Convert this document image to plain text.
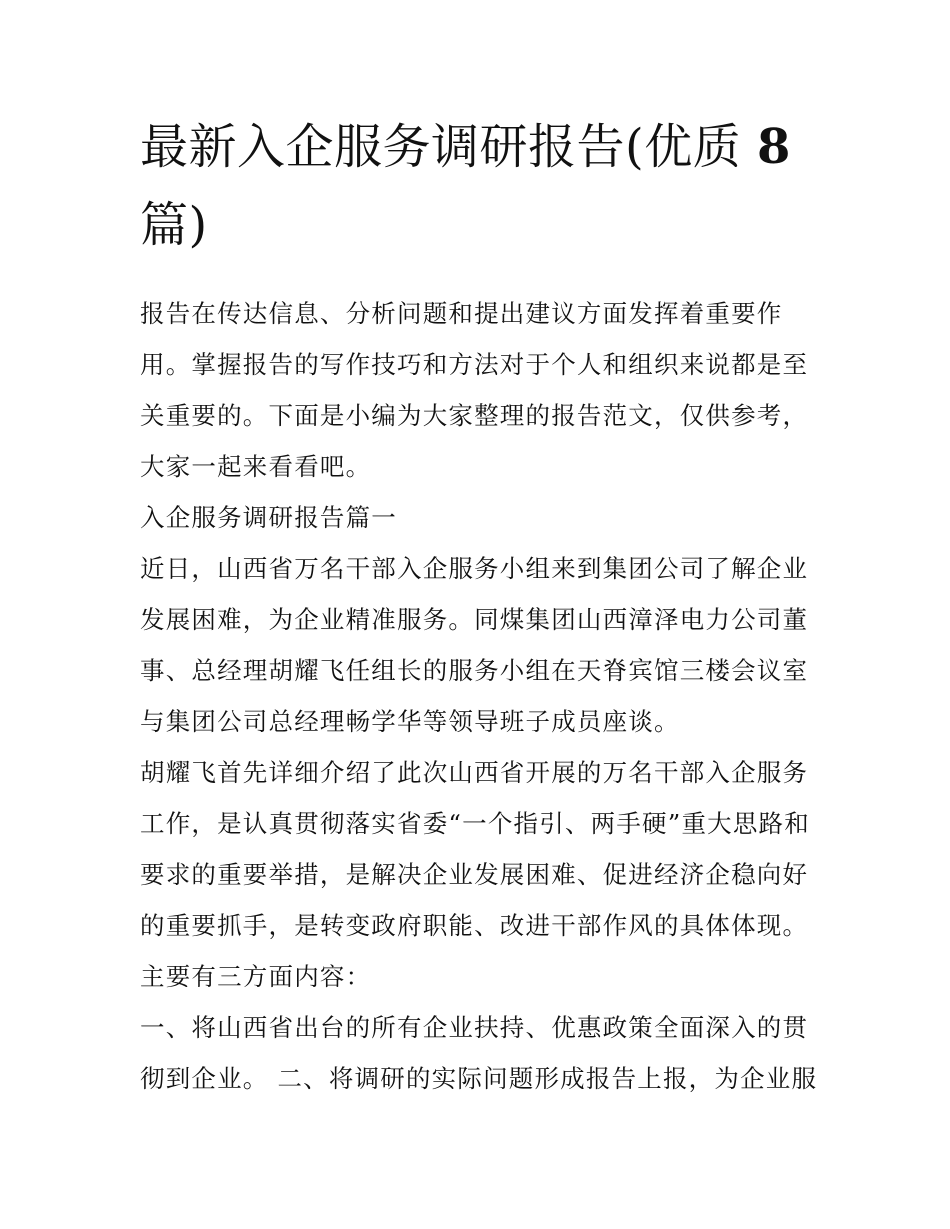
最新入企服务调研报告(优质 8篇)

报告在传达信息、分析问题和提出建议方面发挥着重要作用。掌握报告的写作技巧和方法对于个人和组织来说都是至关重要的。下面是小编为大家整理的报告范文，仅供参考，大家一起来看看吧。

入企服务调研报告篇一

近日，山西省万名干部入企服务小组来到集团公司了解企业发展困难，为企业精准服务。同煤集团山西漳泽电力公司董事、总经理胡耀飞任组长的服务小组在天脊宾馆三楼会议室与集团公司总经理畅学华等领导班子成员座谈。

胡耀飞首先详细介绍了此次山西省开展的万名干部入企服务工作，是认真贯彻落实省委“一个指引、两手硬”重大思路和要求的重要举措，是解决企业发展困难、促进经济企稳向好的重要抓手，是转变政府职能、改进干部作风的具体体现。主要有三方面内容：

一、将山西省出台的所有企业扶持、优惠政策全面深入的贯彻到企业。 二、将调研的实际问题形成报告上报，为企业服
